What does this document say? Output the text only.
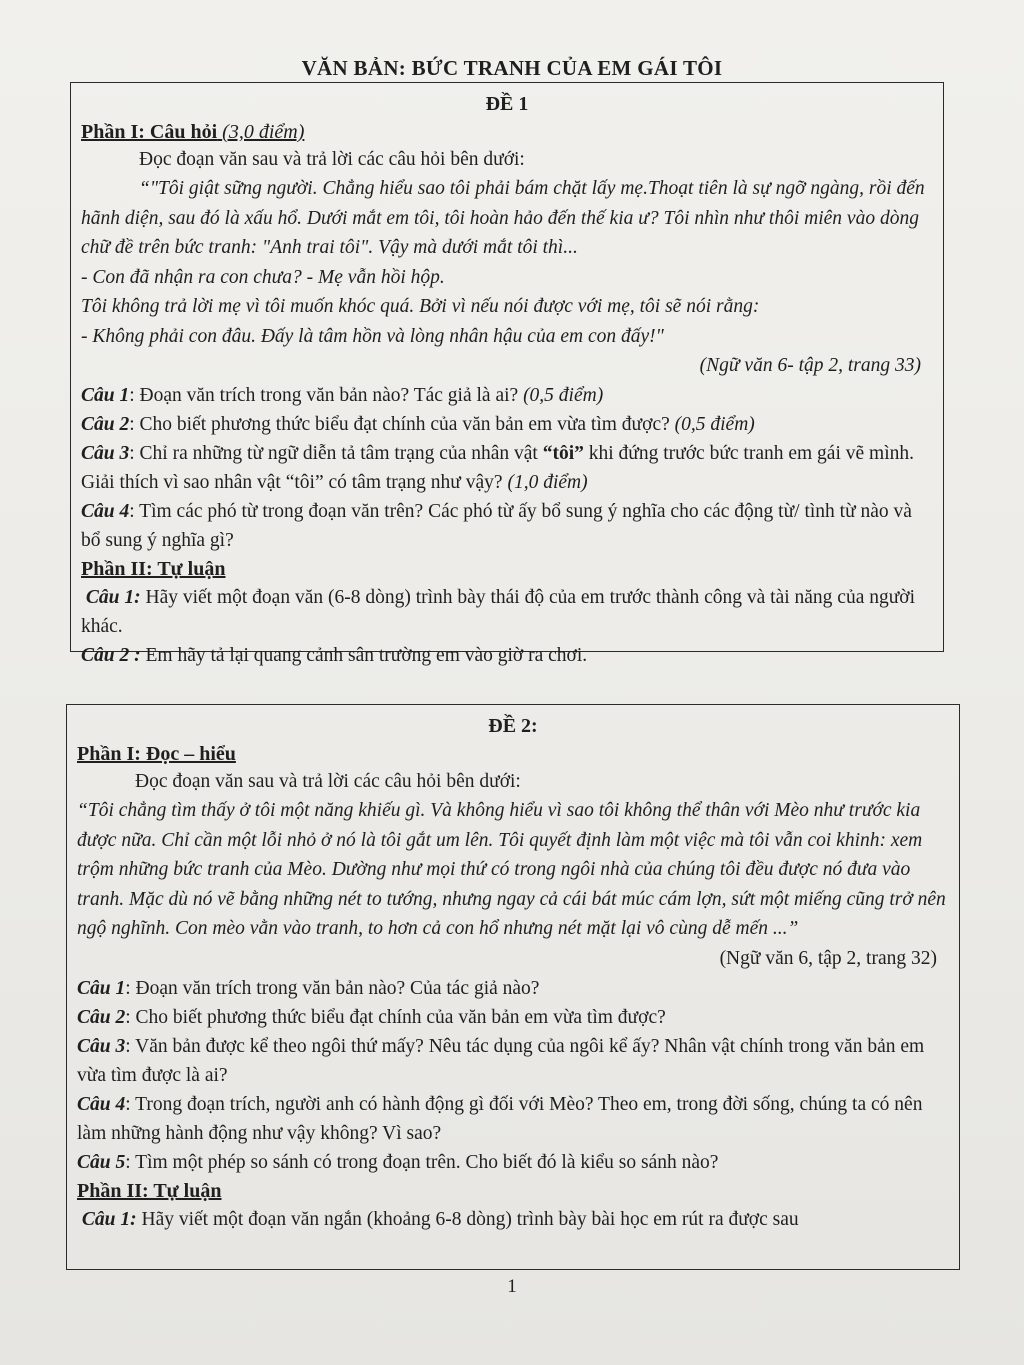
VĂN BẢN: BỨC TRANH CỦA EM GÁI TÔI
ĐỀ 1
Phần I: Câu hỏi (3,0 điểm)
Đọc đoạn văn sau và trả lời các câu hỏi bên dưới:

“"Tôi giật sững người. Chẳng hiểu sao tôi phải bám chặt lấy mẹ.Thoạt tiên là sự ngỡ ngàng, rồi đến hãnh diện, sau đó là xấu hổ. Dưới mắt em tôi, tôi hoàn hảo đến thế kia ư? Tôi nhìn như thôi miên vào dòng chữ đề trên bức tranh: "Anh trai tôi". Vậy mà dưới mắt tôi thì...

- Con đã nhận ra con chưa? - Mẹ vẫn hồi hộp.

Tôi không trả lời mẹ vì tôi muốn khóc quá. Bởi vì nếu nói được với mẹ, tôi sẽ nói rằng:

- Không phải con đâu. Đấy là tâm hồn và lòng nhân hậu của em con đấy!"

(Ngữ văn 6- tập 2, trang 33)

Câu 1: Đoạn văn trích trong văn bản nào? Tác giả là ai? (0,5 điểm)

Câu 2: Cho biết phương thức biểu đạt chính của văn bản em vừa tìm được? (0,5 điểm)

Câu 3: Chỉ ra những từ ngữ diễn tả tâm trạng của nhân vật “tôi” khi đứng trước bức tranh em gái vẽ mình. Giải thích vì sao nhân vật “tôi” có tâm trạng như vậy? (1,0 điểm)

Câu 4: Tìm các phó từ trong đoạn văn trên? Các phó từ ấy bổ sung ý nghĩa cho các động từ/ tình từ nào và bổ sung ý nghĩa gì?

Phần II: Tự luận

Câu 1: Hãy viết một đoạn văn (6-8 dòng) trình bày thái độ của em trước thành công và tài năng của người khác.

Câu 2 : Em hãy tả lại quang cảnh sân trường em vào giờ ra chơi.

ĐỀ 2:
Phần I: Đọc – hiểu
Đọc đoạn văn sau và trả lời các câu hỏi bên dưới:

“Tôi chẳng tìm thấy ở tôi một năng khiếu gì. Và không hiểu vì sao tôi không thể thân với Mèo như trước kia được nữa. Chỉ cần một lỗi nhỏ ở nó là tôi gắt um lên. Tôi quyết định làm một việc mà tôi vẫn coi khinh: xem trộm những bức tranh của Mèo. Dường như mọi thứ có trong ngôi nhà của chúng tôi đều được nó đưa vào tranh. Mặc dù nó vẽ bằng những nét to tướng, nhưng ngay cả cái bát múc cám lợn, sứt một miếng cũng trở nên ngộ nghĩnh. Con mèo vằn vào tranh, to hơn cả con hổ nhưng nét mặt lại vô cùng dễ mến ...”

(Ngữ văn 6, tập 2, trang 32)

Câu 1: Đoạn văn trích trong văn bản nào? Của tác giả nào?

Câu 2: Cho biết phương thức biểu đạt chính của văn bản em vừa tìm được?

Câu 3: Văn bản được kể theo ngôi thứ mấy? Nêu tác dụng của ngôi kể ấy? Nhân vật chính trong văn bản em vừa tìm được là ai?

Câu 4: Trong đoạn trích, người anh có hành động gì đối với Mèo? Theo em, trong đời sống, chúng ta có nên làm những hành động như vậy không? Vì sao?

Câu 5: Tìm một phép so sánh có trong đoạn trên. Cho biết đó là kiểu so sánh nào?

Phần II: Tự luận

Câu 1: Hãy viết một đoạn văn ngắn (khoảng 6-8 dòng) trình bày bài học em rút ra được sau

1
